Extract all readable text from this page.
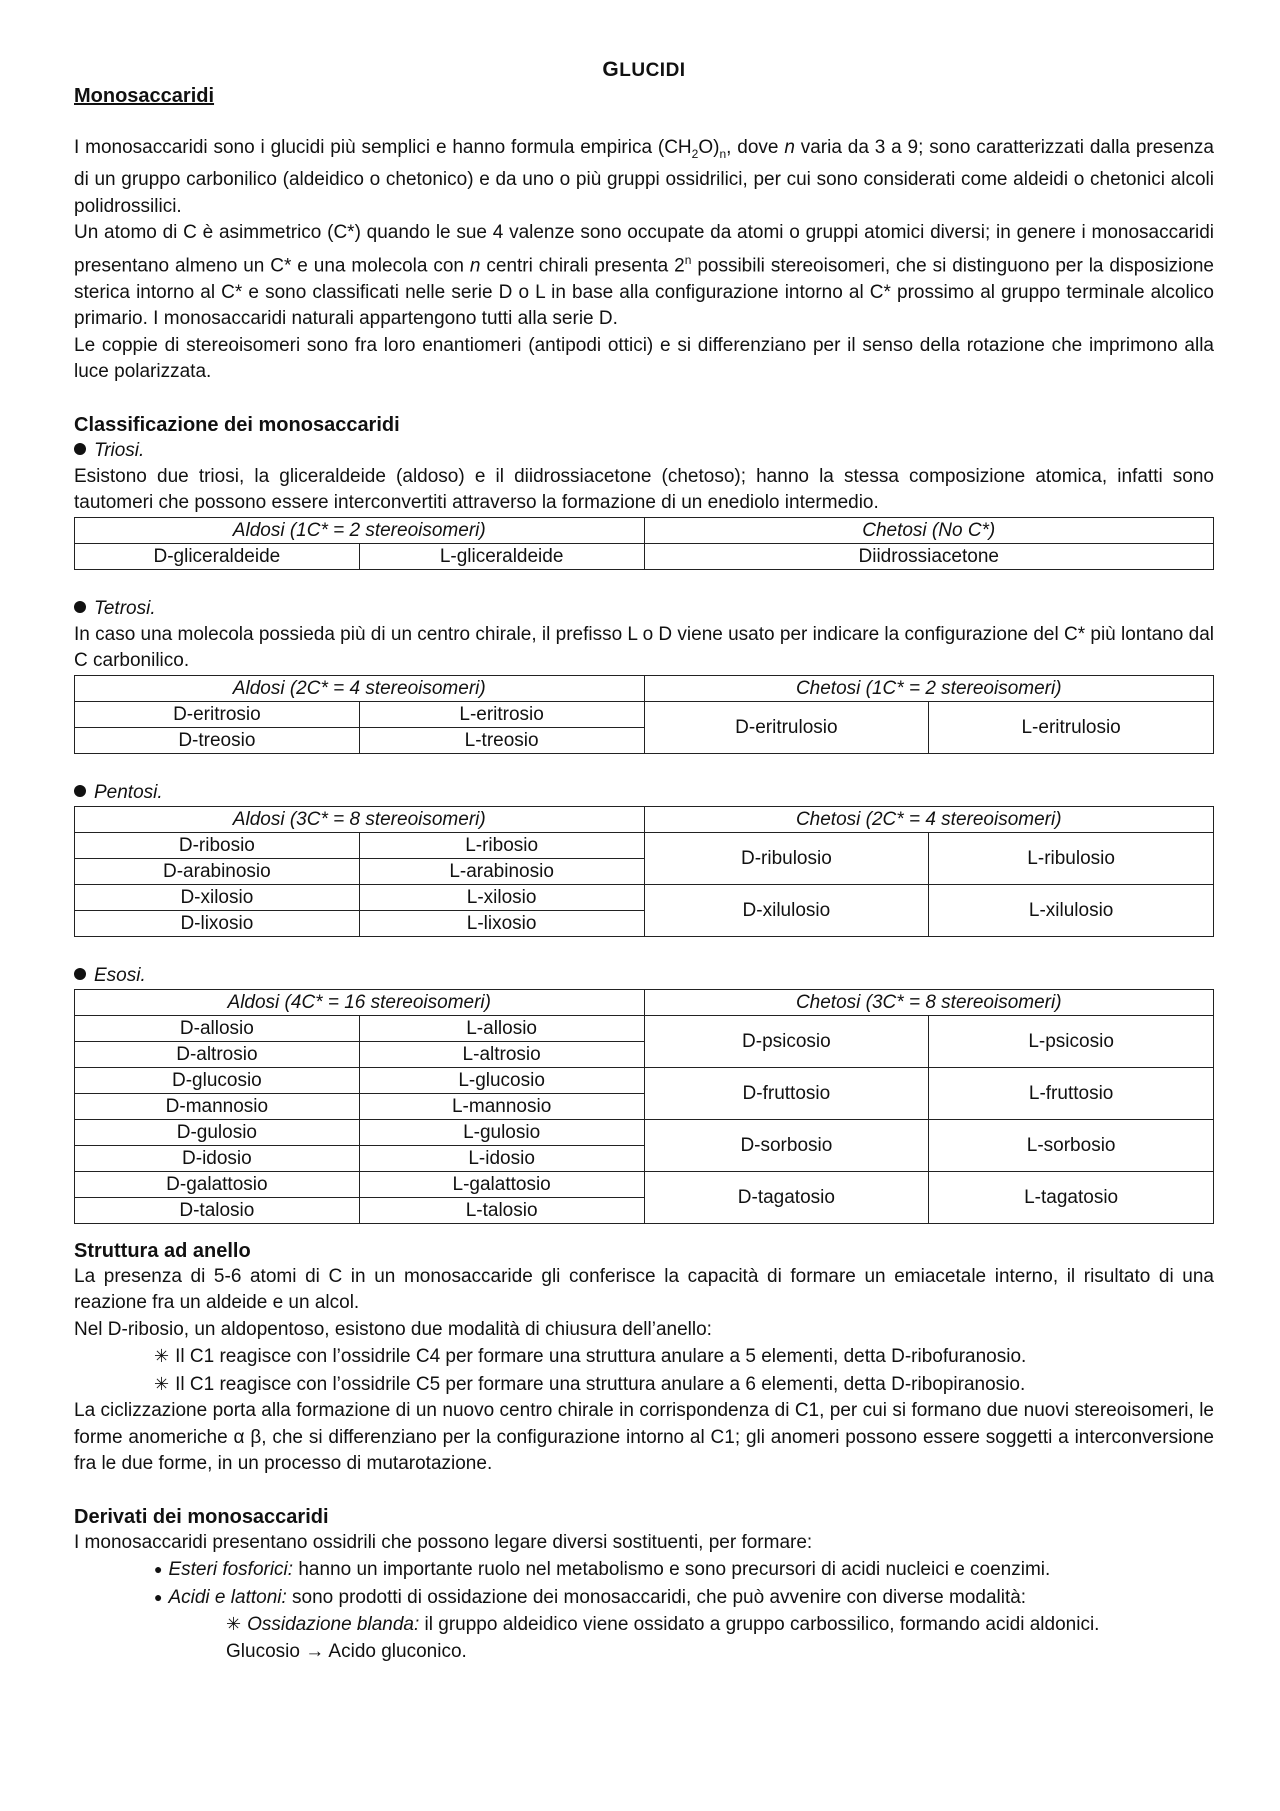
GLUCIDI
Monosaccaridi

I monosaccaridi sono i glucidi più semplici e hanno formula empirica $(CH_2O)_n$, dove n varia da 3 a 9; sono caratterizzati dalla presenza di un gruppo carbonilico (aldeidico o chetonico) e da uno o più gruppi ossidrilici, per cui sono considerati come aldeidi o chetonici alcoli polidrossilici.

Un atomo di C è asimmetrico (C*) quando le sue 4 valenze sono occupate da atomi o gruppi atomici diversi; in genere i monosaccaridi presentano almeno un C* e una molecola con n centri chirali presenta 2$^n$ possibili stereoisomeri, che si distinguono per la disposizione sterica intorno al C* e sono classificati nelle serie D o L in base alla configurazione intorno al C* prossimo al gruppo terminale alcolico primario. I monosaccaridi naturali appartengono tutti alla serie D.

Le coppie di stereoisomeri sono fra loro enantiomeri (antipodi ottici) e si differenziano per il senso della rotazione che imprimono alla luce polarizzata.

Classificazione dei monosaccaridi
Triosi.

Esistono due triosi, la gliceraldeide (aldoso) e il diidrossiacetone (chetoso); hanno la stessa composizione atomica, infatti sono tautomeri che possono essere interconvertiti attraverso la formazione di un enediolo intermedio.

Aldosi (1C* = 2 stereoisomeri)		Chetosi (No C*)
D-gliceraldeide	L-gliceraldeide	Diidrossiacetone
Tetrosi.

In caso una molecola possieda più di un centro chirale, il prefisso L o D viene usato per indicare la configurazione del C* più lontano dal C carbonilico.

Aldosi (2C* = 4 stereoisomeri)		Chetosi (1C* = 2 stereoisomeri)	
D-eritrosio	L-eritrosio	D-eritrulosio	L-eritrulosio
D-treosio	L-treosio		
Pentosi.
Aldosi (3C* = 8 stereoisomeri)		Chetosi (2C* = 4 stereoisomeri)	
D-ribosio	L-ribosio	D-ribulosio	L-ribulosio
D-arabinosio	L-arabinosio		
D-xilosio	L-xilosio	D-xilulosio	L-xilulosio
D-lixosio	L-lixosio		
Esosi.
Aldosi (4C* = 16 stereoisomeri)		Chetosi (3C* = 8 stereoisomeri)	
D-allosio	L-allosio	D-psicosio	L-psicosio
D-altrosio	L-altrosio		
D-glucosio	L-glucosio	D-fruttosio	L-fruttosio
D-mannosio	L-mannosio		
D-gulosio	L-gulosio	D-sorbosio	L-sorbosio
D-idosio	L-idosio		
D-galattosio	L-galattosio	D-tagatosio	L-tagatosio
D-talosio	L-talosio		
Struttura ad anello

La presenza di 5-6 atomi di C in un monosaccaride gli conferisce la capacità di formare un emiacetale interno, il risultato di una reazione fra un aldeide e un alcol.

Nel D-ribosio, un aldopentoso, esistono due modalità di chiusura dell’anello:

✳ Il C1 reagisce con l’ossidrile C4 per formare una struttura anulare a 5 elementi, detta D-ribofuranosio.

✳ Il C1 reagisce con l’ossidrile C5 per formare una struttura anulare a 6 elementi, detta D-ribopiranosio.

La ciclizzazione porta alla formazione di un nuovo centro chirale in corrispondenza di C1, per cui si formano due nuovi stereoisomeri, le forme anomeriche α β, che si differenziano per la configurazione intorno al C1; gli anomeri possono essere soggetti a interconversione fra le due forme, in un processo di mutarotazione.

Derivati dei monosaccaridi

I monosaccaridi presentano ossidrili che possono legare diversi sostituenti, per formare:

● Esteri fosforici: hanno un importante ruolo nel metabolismo e sono precursori di acidi nucleici e coenzimi.

● Acidi e lattoni: sono prodotti di ossidazione dei monosaccaridi, che può avvenire con diverse modalità:

✳ Ossidazione blanda: il gruppo aldeidico viene ossidato a gruppo carbossilico, formando acidi aldonici.

Glucosio → Acido gluconico.
